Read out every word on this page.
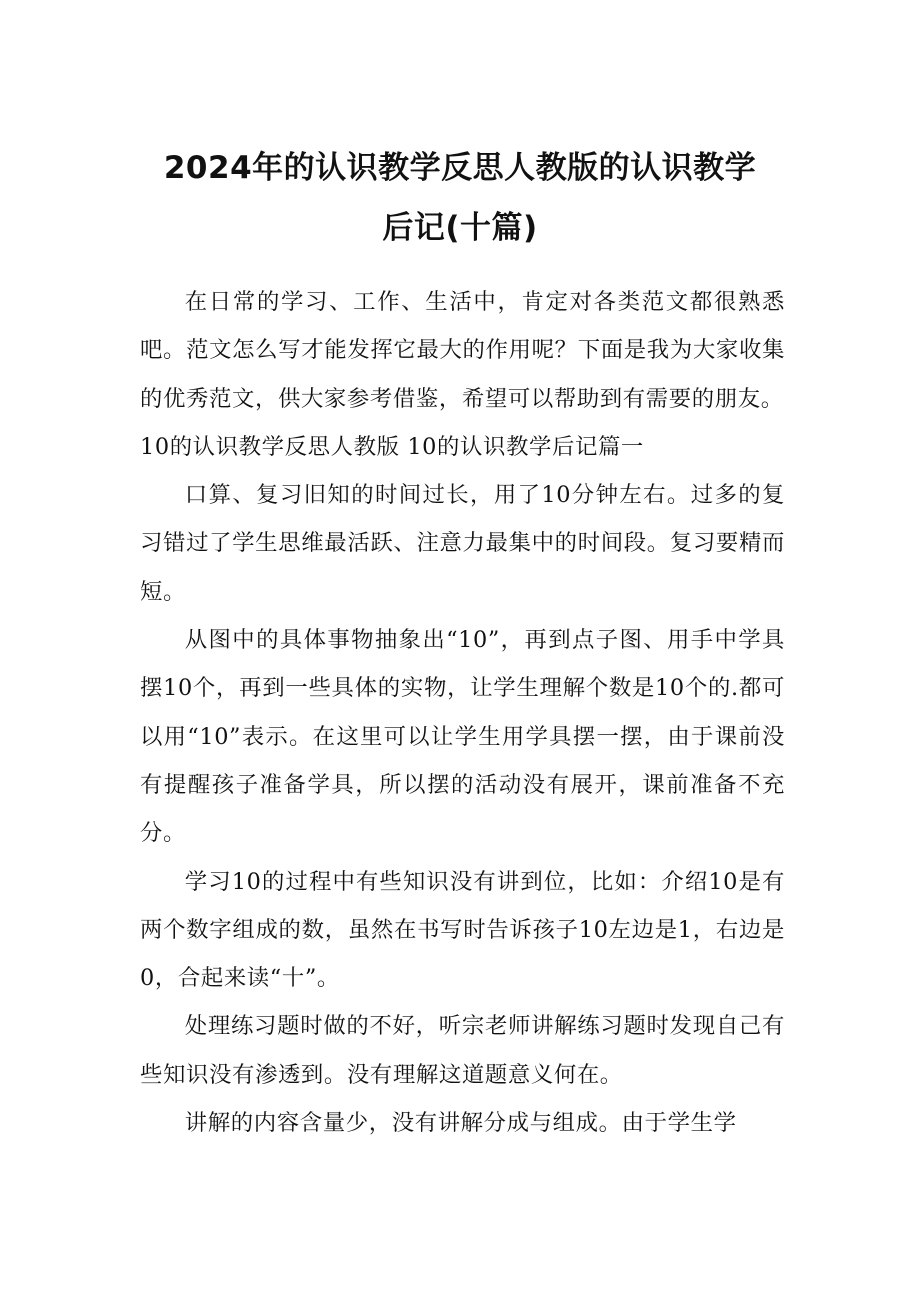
2024年的认识教学反思人教版的认识教学
后记(十篇)

在日常的学习、工作、生活中，肯定对各类范文都很熟悉吧。范文怎么写才能发挥它最大的作用呢？下面是我为大家收集的优秀范文，供大家参考借鉴，希望可以帮助到有需要的朋友。

10的认识教学反思人教版 10的认识教学后记篇一

口算、复习旧知的时间过长，用了10分钟左右。过多的复习错过了学生思维最活跃、注意力最集中的时间段。复习要精而短。

从图中的具体事物抽象出“10”，再到点子图、用手中学具摆10个，再到一些具体的实物，让学生理解个数是10个的.都可以用“10”表示。在这里可以让学生用学具摆一摆，由于课前没有提醒孩子准备学具，所以摆的活动没有展开，课前准备不充分。

学习10的过程中有些知识没有讲到位，比如：介绍10是有两个数字组成的数，虽然在书写时告诉孩子10左边是1，右边是0，合起来读“十”。

处理练习题时做的不好，听宗老师讲解练习题时发现自己有些知识没有渗透到。没有理解这道题意义何在。

讲解的内容含量少，没有讲解分成与组成。由于学生学
